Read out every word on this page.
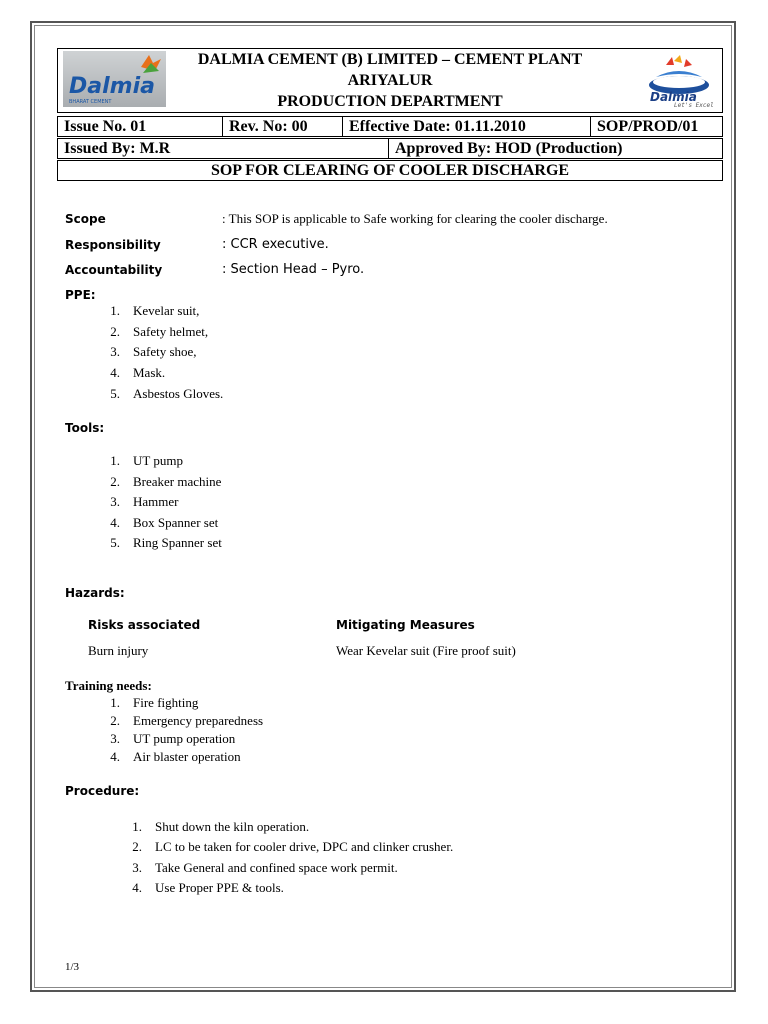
Dalmia
BHARAT CEMENT	Dalmia
Let's Excel
DALMIA CEMENT (B) LIMITED – CEMENT PLANT
ARIYALUR
PRODUCTION DEPARTMENT
Issue No. 01	Rev. No: 00	Effective Date: 01.11.2010	SOP/PROD/01
Issued By: M.R	Approved By: HOD (Production)
SOP FOR CLEARING OF COOLER DISCHARGE
Scope	: This SOP is applicable to Safe working for clearing the cooler discharge.
Responsibility	: CCR executive.
Accountability	: Section Head – Pyro.
PPE:
1. Kevelar suit,
2. Safety helmet,
3. Safety shoe,
4. Mask.
5. Asbestos Gloves.
Tools:
1. UT pump
2. Breaker machine
3. Hammer
4. Box Spanner set
5. Ring Spanner set
Hazards:
Risks associated	Mitigating Measures
Burn injury	Wear Kevelar suit (Fire proof suit)
Training needs:
1. Fire fighting
2. Emergency preparedness
3. UT pump operation
4. Air blaster operation
Procedure:
1. Shut down the kiln operation.
2. LC to be taken for cooler drive, DPC and clinker crusher.
3. Take General and confined space work permit.
4. Use Proper PPE & tools.
1/3
